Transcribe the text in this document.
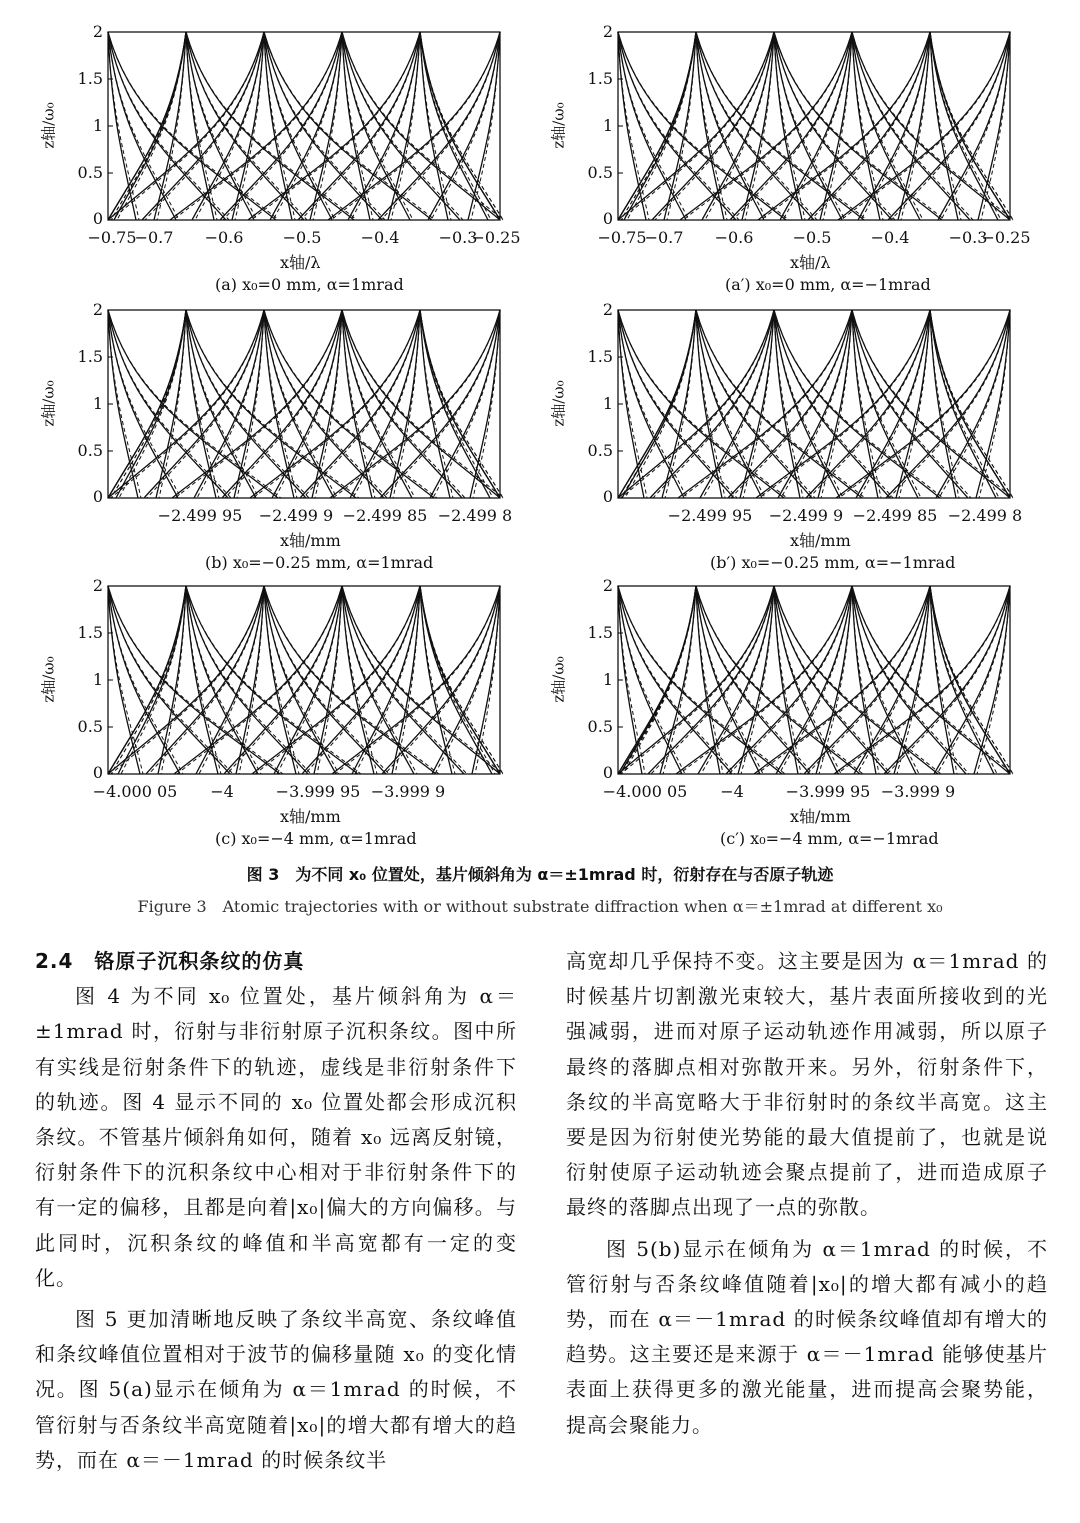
z轴/ω₀
2
1.5
1
0.5
0
−0.75
−0.7 −0.6 −0.5 −0.4 −0.3
−0.25
x轴/λ
(a) x₀=0 mm, α=1mrad
z轴/ω₀
2
1.5
1
0.5
0
−0.75
−0.7 −0.6 −0.5 −0.4 −0.3
−0.25
x轴/λ
(a′) x₀=0 mm, α=−1mrad
z轴/ω₀
2
1.5
1
0.5
0
−2.499 95 −2.499 9 −2.499 85 −2.499 8
x轴/mm
(b) x₀=−0.25 mm, α=1mrad
z轴/ω₀
2
1.5
1
0.5
0
−2.499 95 −2.499 9 −2.499 85 −2.499 8
x轴/mm
(b′) x₀=−0.25 mm, α=−1mrad
z轴/ω₀
2
1.5
1
0.5
0
−4.000 05 −4	−3.999 95 −3.999 9
x轴/mm
(c) x₀=−4 mm, α=1mrad
z轴/ω₀
2
1.5
1
0.5
0
−4.000 05 −4	−3.999 95 −3.999 9
x轴/mm
(c′) x₀=−4 mm, α=−1mrad
图 3　为不同 x₀ 位置处，基片倾斜角为 α＝±1mrad 时，衍射存在与否原子轨迹
Figure 3　Atomic trajectories with or without substrate diffraction when α＝±1mrad at different x₀

2.4　铬原子沉积条纹的仿真

图 4 为不同 x₀ 位置处，基片倾斜角为 α＝±1mrad 时，衍射与非衍射原子沉积条纹。图中所有实线是衍射条件下的轨迹，虚线是非衍射条件下的轨迹。图 4 显示不同的 x₀ 位置处都会形成沉积条纹。不管基片倾斜角如何，随着 x₀ 远离反射镜，衍射条件下的沉积条纹中心相对于非衍射条件下的有一定的偏移，且都是向着|x₀|偏大的方向偏移。与此同时，沉积条纹的峰值和半高宽都有一定的变化。

图 5 更加清晰地反映了条纹半高宽、条纹峰值和条纹峰值位置相对于波节的偏移量随 x₀ 的变化情况。图 5(a)显示在倾角为 α＝1mrad 的时候，不管衍射与否条纹半高宽随着|x₀|的增大都有增大的趋势，而在 α＝－1mrad 的时候条纹半

高宽却几乎保持不变。这主要是因为 α＝1mrad 的时候基片切割激光束较大，基片表面所接收到的光强减弱，进而对原子运动轨迹作用减弱，所以原子最终的落脚点相对弥散开来。另外，衍射条件下，条纹的半高宽略大于非衍射时的条纹半高宽。这主要是因为衍射使光势能的最大值提前了，也就是说衍射使原子运动轨迹会聚点提前了，进而造成原子最终的落脚点出现了一点的弥散。

图 5(b)显示在倾角为 α＝1mrad 的时候，不管衍射与否条纹峰值随着|x₀|的增大都有减小的趋势，而在 α＝－1mrad 的时候条纹峰值却有增大的趋势。这主要还是来源于 α＝－1mrad 能够使基片表面上获得更多的激光能量，进而提高会聚势能，提高会聚能力。
